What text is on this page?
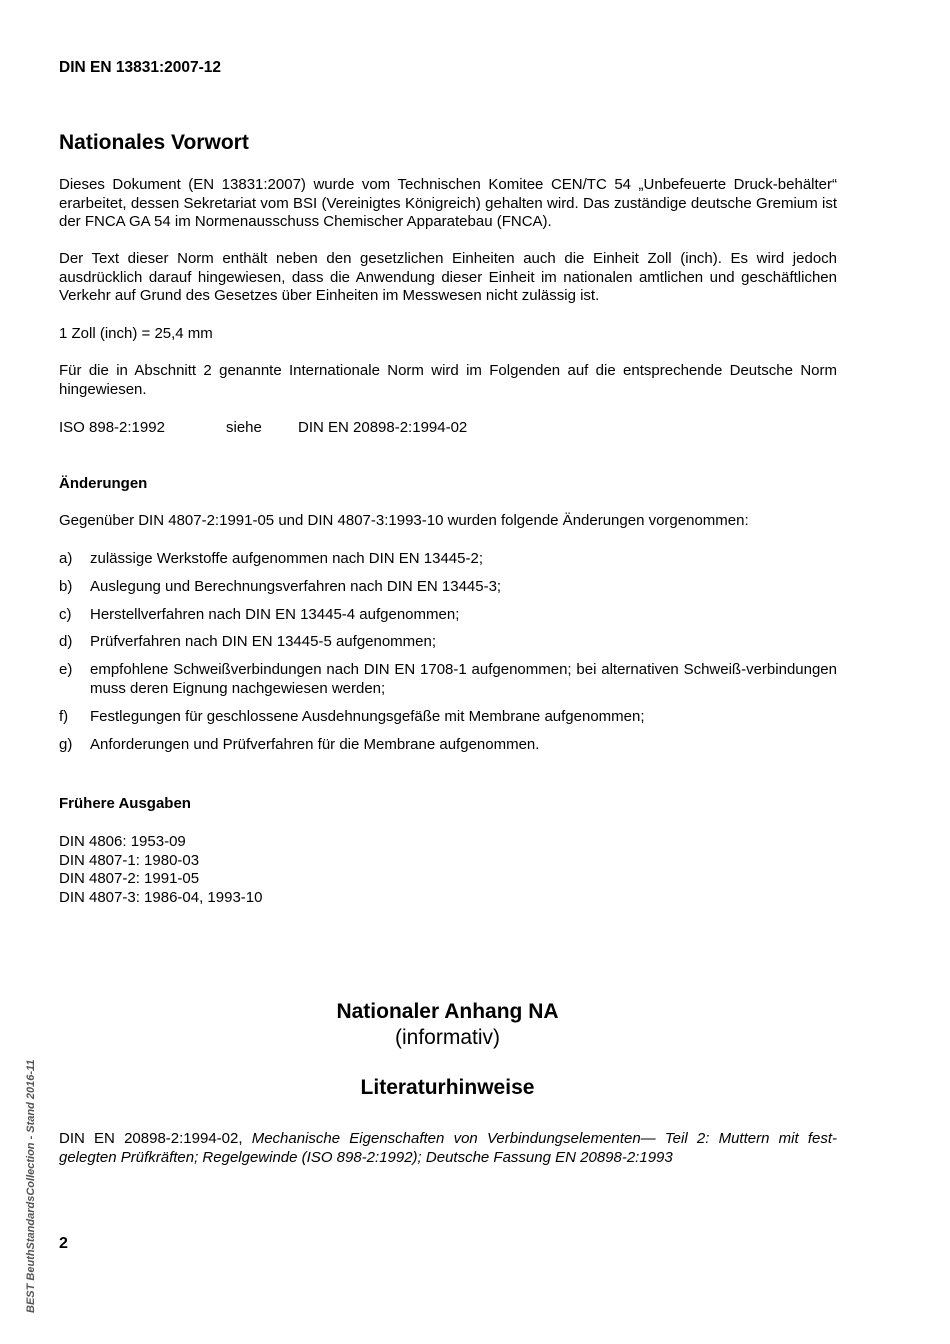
DIN EN 13831:2007-12
Nationales Vorwort

Dieses Dokument (EN 13831:2007) wurde vom Technischen Komitee CEN/TC 54 „Unbefeuerte Druck-behälter“ erarbeitet, dessen Sekretariat vom BSI (Vereinigtes Königreich) gehalten wird. Das zuständige deutsche Gremium ist der FNCA GA 54 im Normenausschuss Chemischer Apparatebau (FNCA).

Der Text dieser Norm enthält neben den gesetzlichen Einheiten auch die Einheit Zoll (inch). Es wird jedoch ausdrücklich darauf hingewiesen, dass die Anwendung dieser Einheit im nationalen amtlichen und geschäftlichen Verkehr auf Grund des Gesetzes über Einheiten im Messwesen nicht zulässig ist.

1 Zoll (inch) = 25,4 mm

Für die in Abschnitt 2 genannte Internationale Norm wird im Folgenden auf die entsprechende Deutsche Norm hingewiesen.

ISO 898-2:1992	siehe DIN EN 20898-2:1994-02
Änderungen

Gegenüber DIN 4807-2:1991-05 und DIN 4807-3:1993-10 wurden folgende Änderungen vorgenommen:

a) zulässige Werkstoffe aufgenommen nach DIN EN 13445-2;
b) Auslegung und Berechnungsverfahren nach DIN EN 13445-3;
c) Herstellverfahren nach DIN EN 13445-4 aufgenommen;
d) Prüfverfahren nach DIN EN 13445-5 aufgenommen;
e) empfohlene Schweißverbindungen nach DIN EN 1708-1 aufgenommen; bei alternativen Schweiß-verbindungen muss deren Eignung nachgewiesen werden;
f) Festlegungen für geschlossene Ausdehnungsgefäße mit Membrane aufgenommen;
g) Anforderungen und Prüfverfahren für die Membrane aufgenommen.
Frühere Ausgaben
DIN 4806: 1953-09
DIN 4807-1: 1980-03
DIN 4807-2: 1991-05
DIN 4807-3: 1986-04, 1993-10
Nationaler Anhang NA
(informativ)
Literaturhinweise
DIN EN 20898-2:1994-02, Mechanische Eigenschaften von Verbindungselementen— Teil 2: Muttern mit fest-gelegten Prüfkräften; Regelgewinde (ISO 898-2:1992); Deutsche Fassung EN 20898-2:1993
2
BEST BeuthStandardsCollection - Stand 2016-11
